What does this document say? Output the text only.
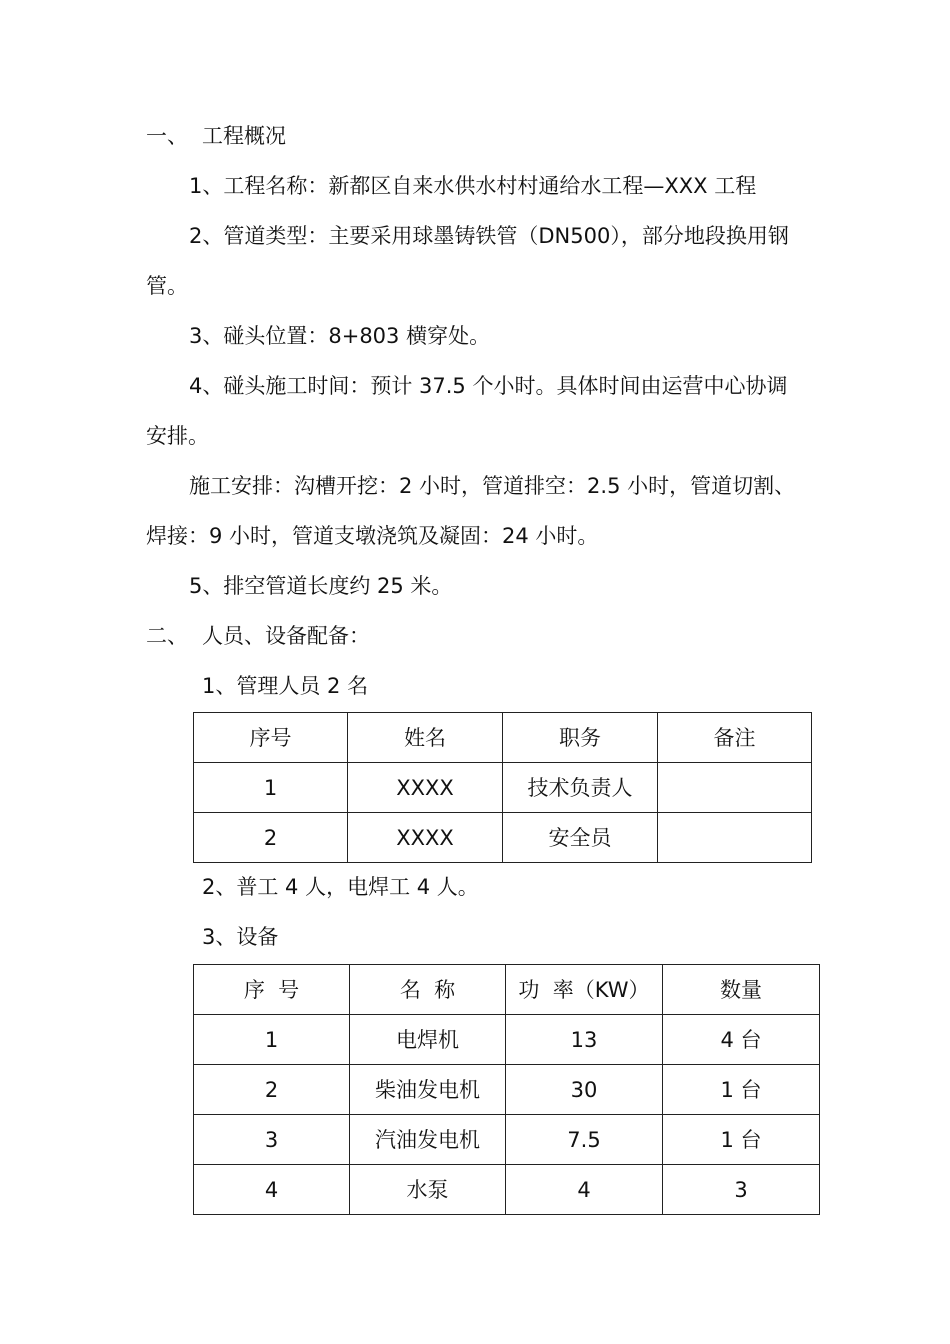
一、 工程概况
1、工程名称：新都区自来水供水村村通给水工程—XXX 工程
2、管道类型：主要采用球墨铸铁管（DN500），部分地段换用钢
管。
3、碰头位置：8+803 横穿处。
4、碰头施工时间：预计 37.5 个小时。具体时间由运营中心协调
安排。
施工安排：沟槽开挖：2 小时，管道排空：2.5 小时，管道切割、
焊接：9 小时，管道支墩浇筑及凝固：24 小时。
5、排空管道长度约 25 米。
二、 人员、设备配备：
1、管理人员 2 名
序号	姓名	职务	备注
1	XXXX	技术负责人	
2	XXXX	安全员	
2、普工 4 人，电焊工 4 人。
3、设备
序  号	名  称	功  率（KW）	数量
1	电焊机	13	4 台
2	柴油发电机	30	1 台
3	汽油发电机	7.5	1 台
4	水泵	4	3
